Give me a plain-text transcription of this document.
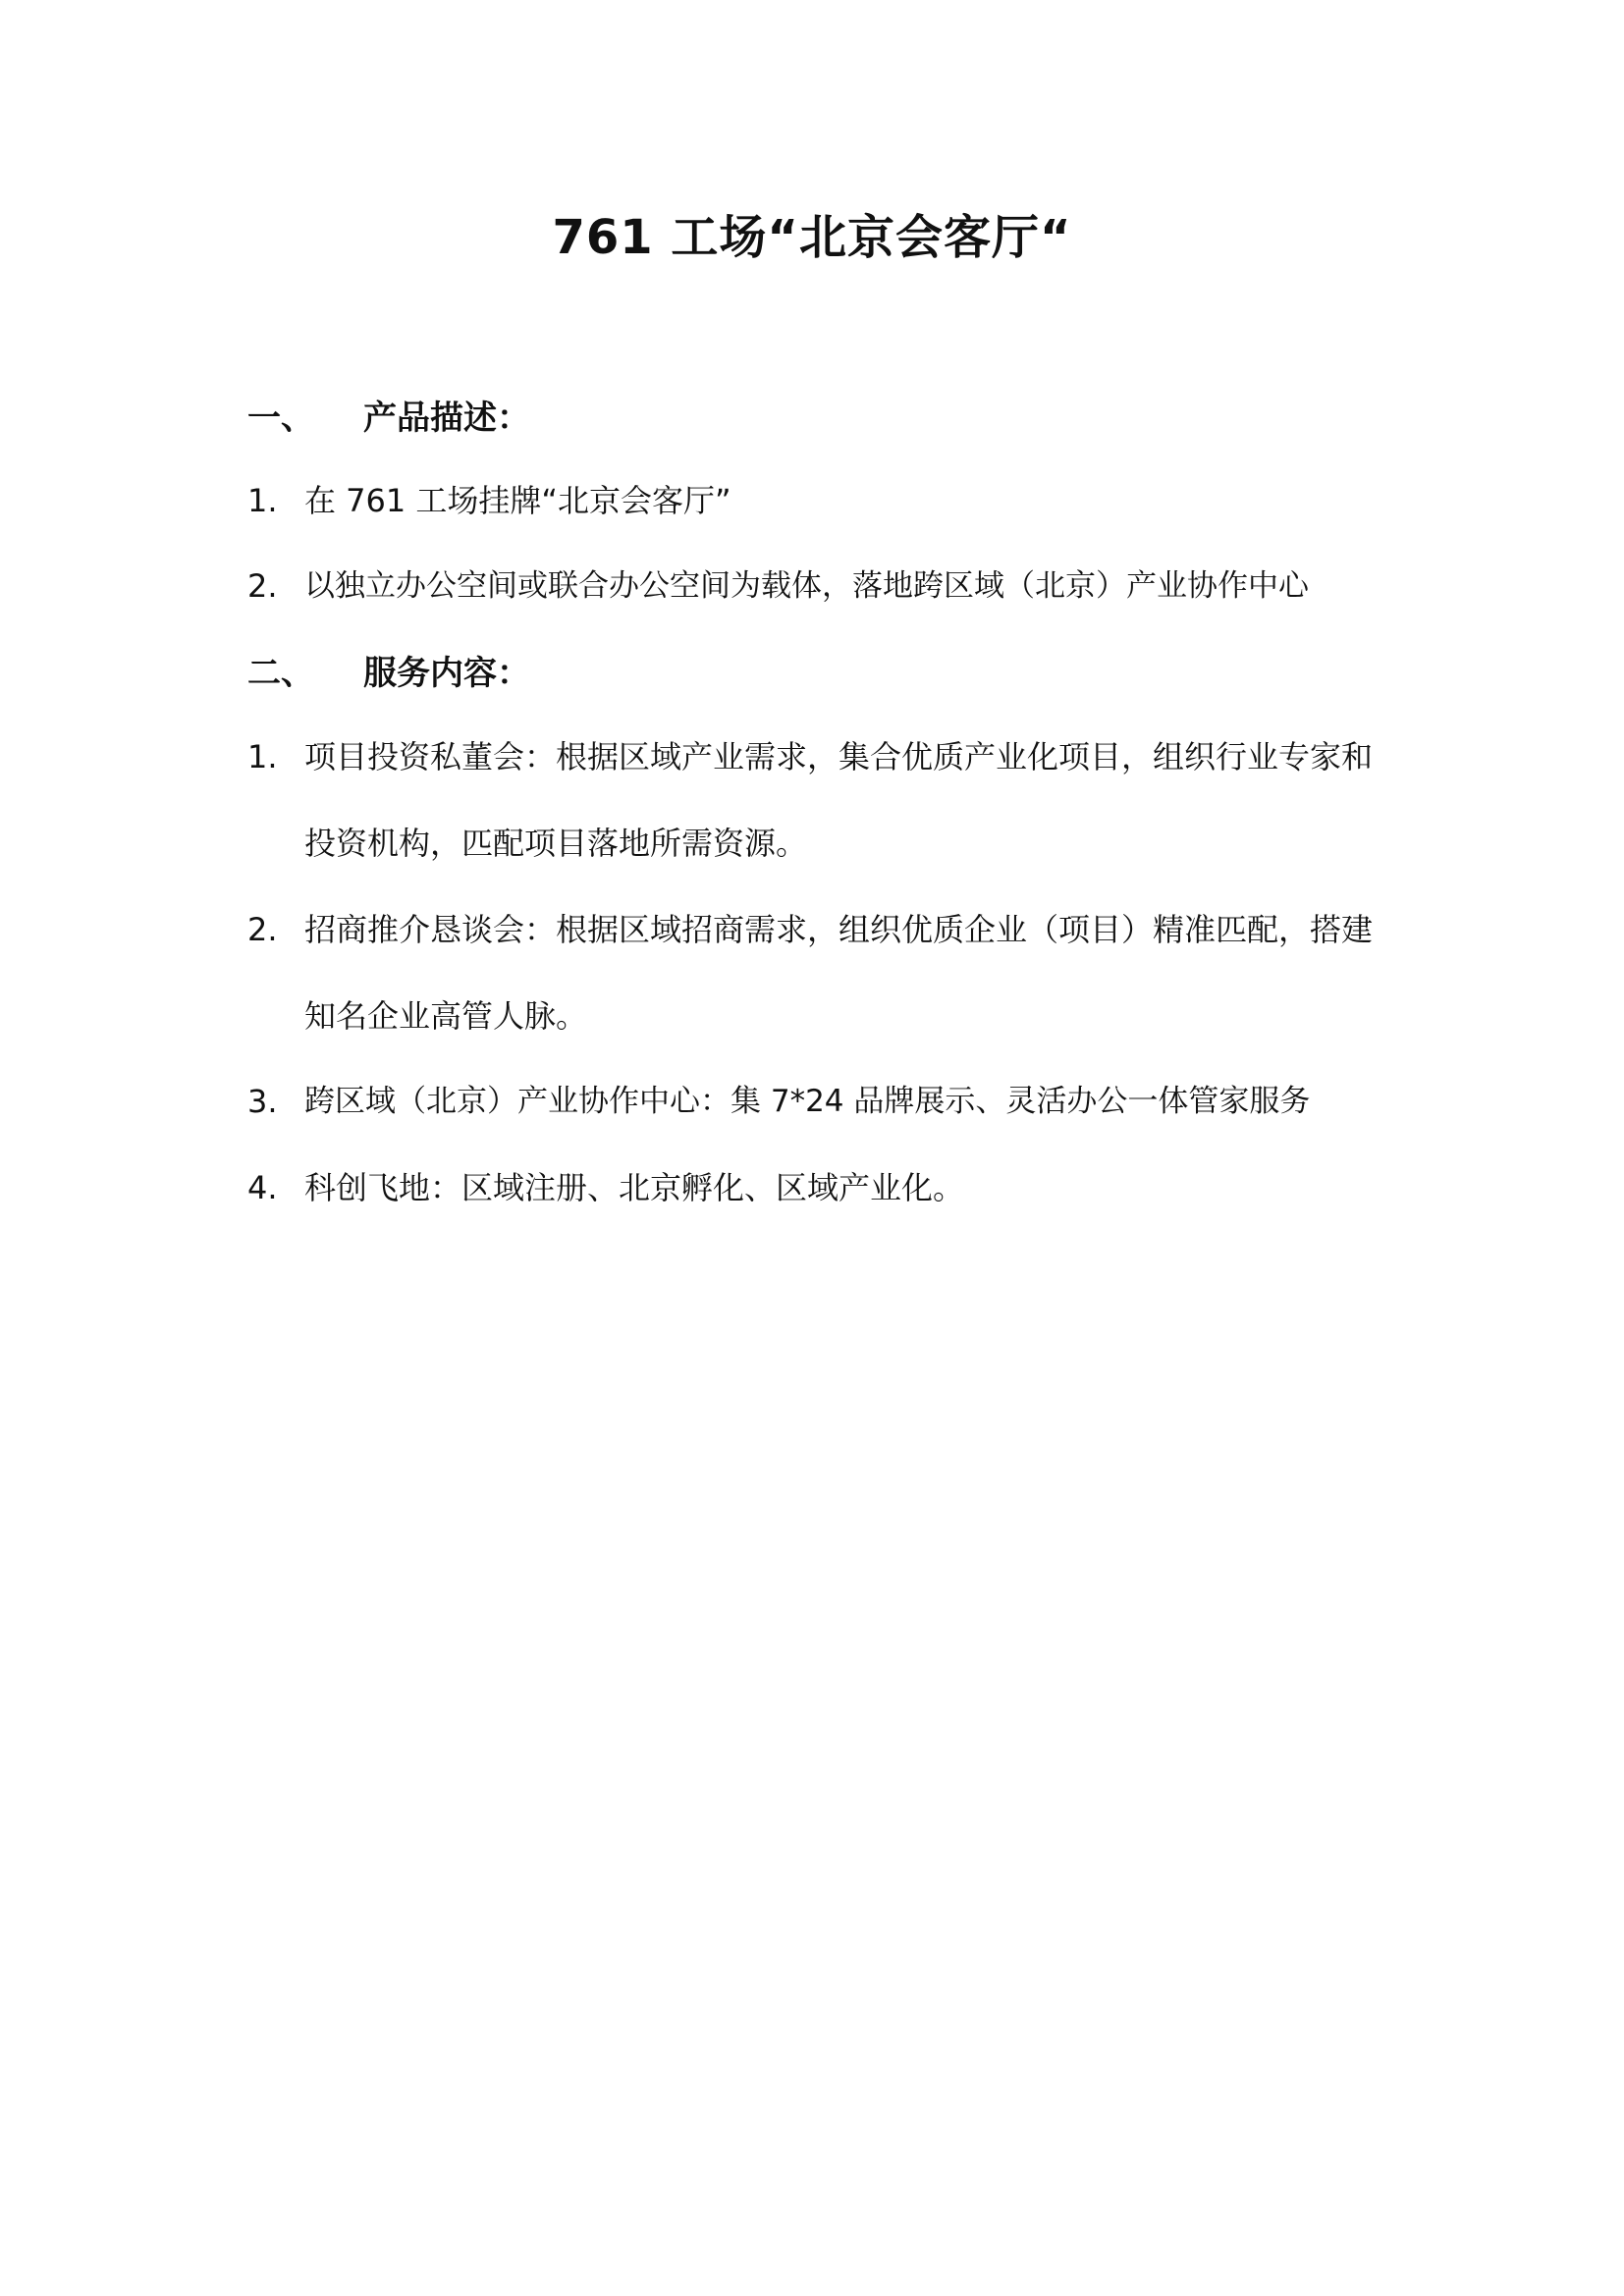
761 工场“北京会客厅“
一、 产品描述：
1. 在 761 工场挂牌“北京会客厅”
2. 以独立办公空间或联合办公空间为载体，落地跨区域（北京）产业协作中心
二、 服务内容：
1. 项目投资私董会：根据区域产业需求，集合优质产业化项目，组织行业专家和投资机构，匹配项目落地所需资源。
2. 招商推介恳谈会：根据区域招商需求，组织优质企业（项目）精准匹配，搭建知名企业高管人脉。
3. 跨区域（北京）产业协作中心：集 7*24 品牌展示、灵活办公一体管家服务
4. 科创飞地：区域注册、北京孵化、区域产业化。
